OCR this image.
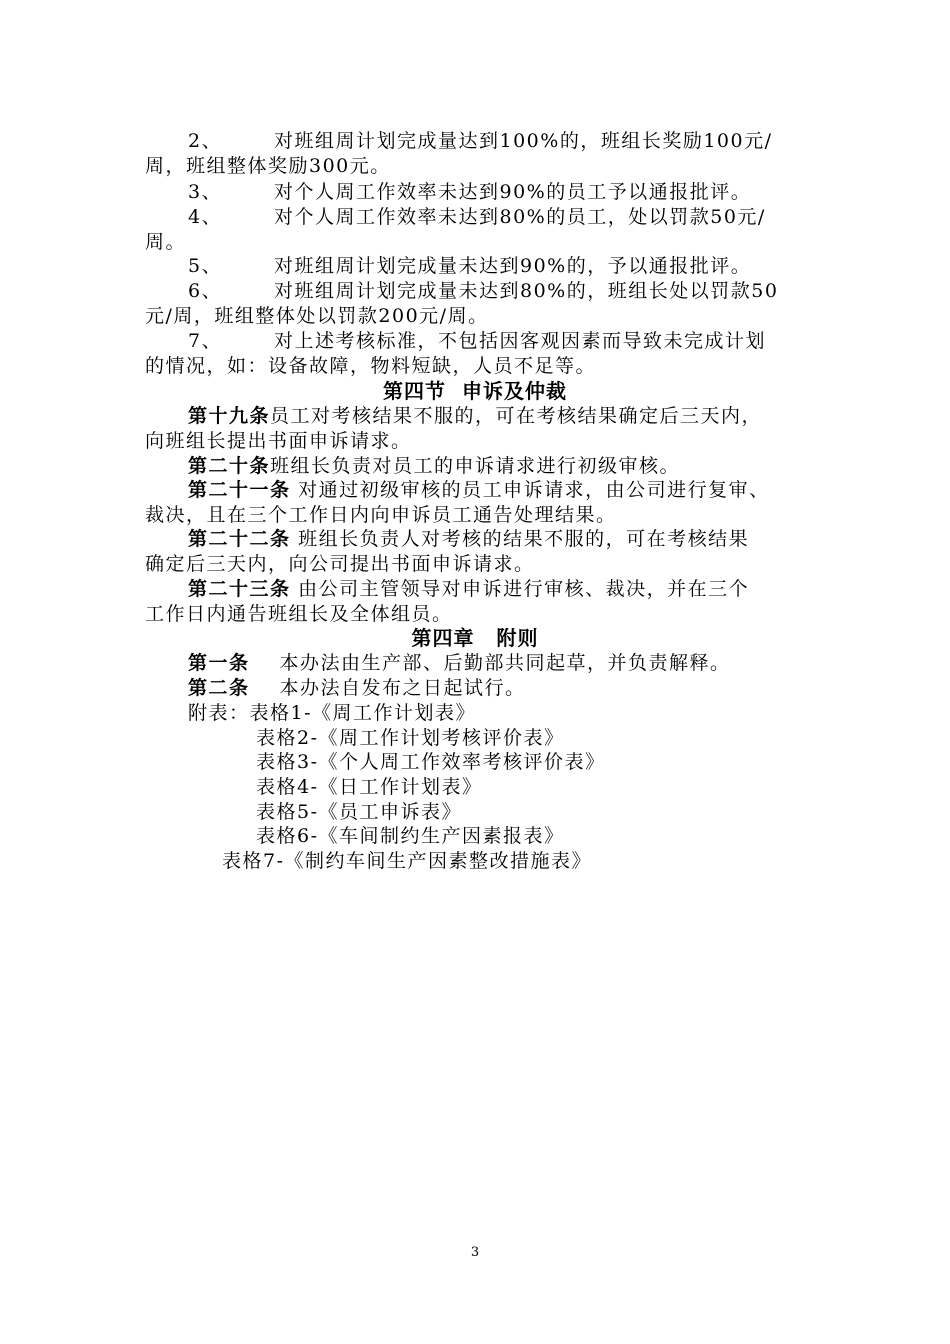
2、	对班组周计划完成量达到100%的，班组长奖励100元/
周，班组整体奖励300元。
3、	对个人周工作效率未达到90%的员工予以通报批评。
4、	对个人周工作效率未达到80%的员工，处以罚款50元/
周。
5、	对班组周计划完成量未达到90%的，予以通报批评。
6、	对班组周计划完成量未达到80%的，班组长处以罚款50
元/周，班组整体处以罚款200元/周。
7、	对上述考核标准，不包括因客观因素而导致未完成计划
的情况，如：设备故障，物料短缺，人员不足等。
第四节 申诉及仲裁
第十九条员工对考核结果不服的，可在考核结果确定后三天内，
向班组长提出书面申诉请求。
第二十条班组长负责对员工的申诉请求进行初级审核。
第二十一条 对通过初级审核的员工申诉请求，由公司进行复审、
裁决，且在三个工作日内向申诉员工通告处理结果。
第二十二条 班组长负责人对考核的结果不服的，可在考核结果
确定后三天内，向公司提出书面申诉请求。
第二十三条 由公司主管领导对申诉进行审核、裁决，并在三个
工作日内通告班组长及全体组员。
第四章 附则
第一条 本办法由生产部、后勤部共同起草，并负责解释。
第二条 本办法自发布之日起试行。
附表：表格1-《周工作计划表》
表格2-《周工作计划考核评价表》
表格3-《个人周工作效率考核评价表》
表格4-《日工作计划表》
表格5-《员工申诉表》
表格6-《车间制约生产因素报表》
表格7-《制约车间生产因素整改措施表》
3
